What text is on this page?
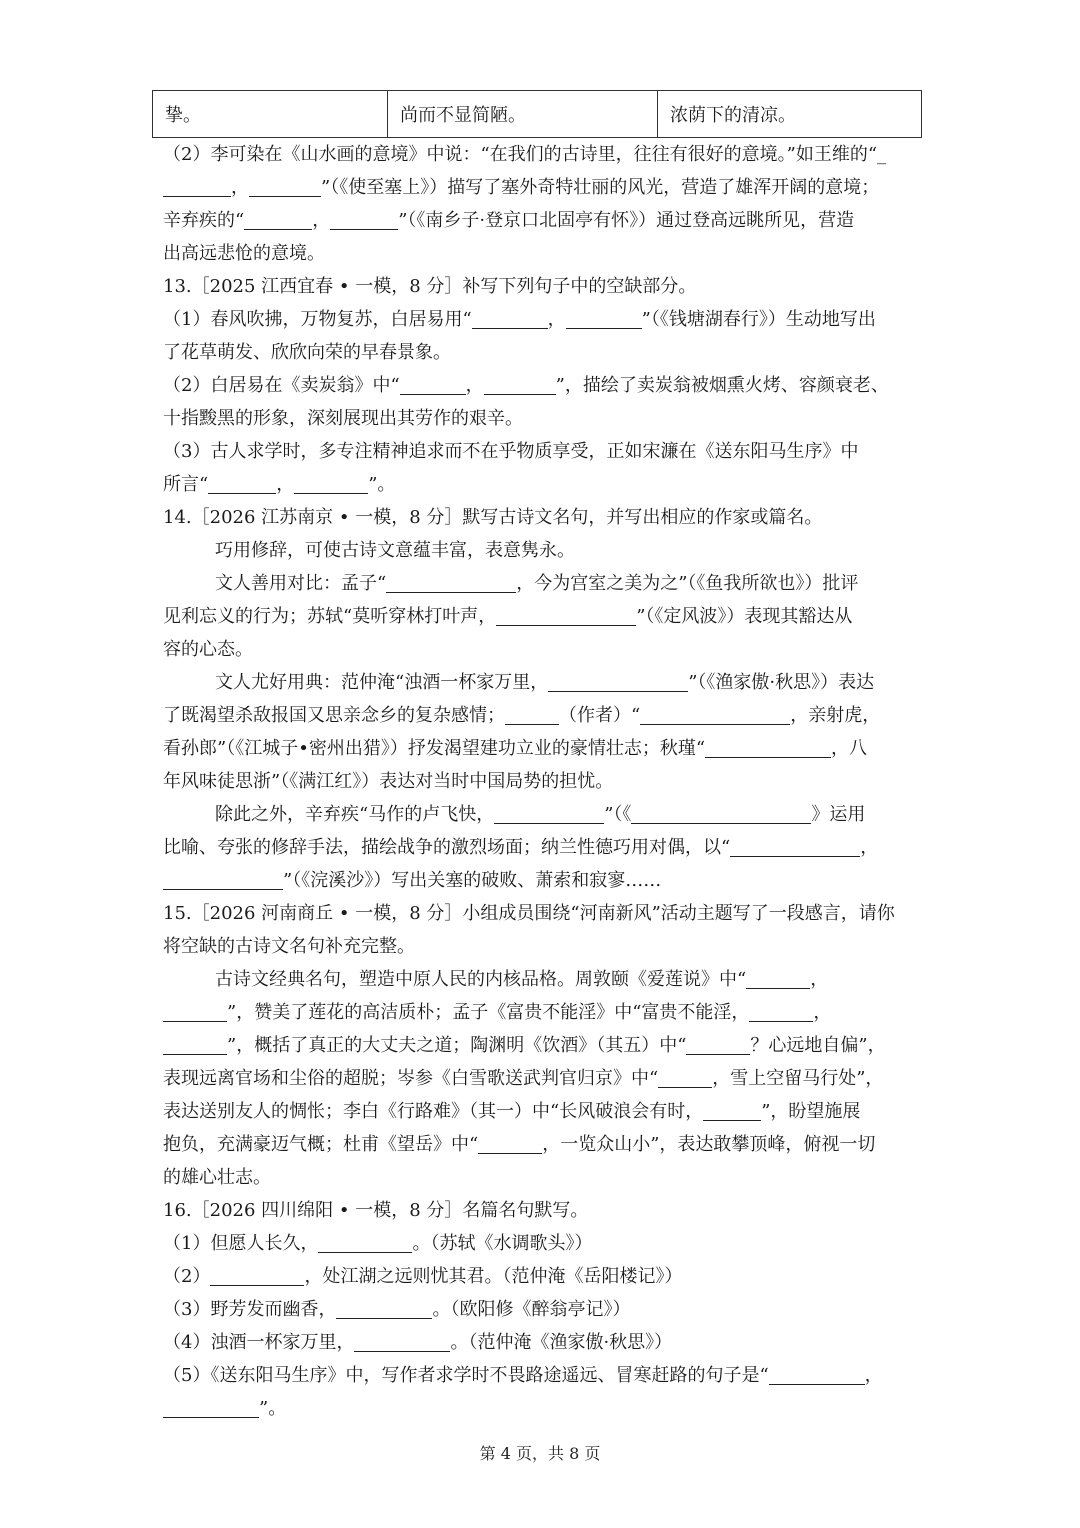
挚。	尚而不显简陋。	浓荫下的清凉。
（2）李可染在《山水画的意境》中说：“在我们的古诗里，往往有很好的意境。”如王维的“_
，	”（《使至塞上》）描写了塞外奇特壮丽的风光，营造了雄浑开阔的意境；
辛弃疾的“	，	”（《南乡子·登京口北固亭有怀》）通过登高远眺所见，营造
出高远悲怆的意境。
13.［2025 江西宜春 • 一模，8 分］补写下列句子中的空缺部分。
（1）春风吹拂，万物复苏，白居易用“	，	”（《钱塘湖春行》）生动地写出
了花草萌发、欣欣向荣的早春景象。
（2）白居易在《卖炭翁》中“	，	”，描绘了卖炭翁被烟熏火烤、容颜衰老、
十指黢黑的形象，深刻展现出其劳作的艰辛。
（3）古人求学时，多专注精神追求而不在乎物质享受，正如宋濂在《送东阳马生序》中
所言“	，	”。
14.［2026 江苏南京 • 一模，8 分］默写古诗文名句，并写出相应的作家或篇名。
巧用修辞，可使古诗文意蕴丰富，表意隽永。
文人善用对比：孟子“	，今为宫室之美为之”（《鱼我所欲也》）批评
见利忘义的行为；苏轼“莫听穿林打叶声，	”（《定风波》）表现其豁达从
容的心态。
文人尤好用典：范仲淹“浊酒一杯家万里，	”（《渔家傲·秋思》）表达
了既渴望杀敌报国又思亲念乡的复杂感情；	（作者）“	，亲射虎，
看孙郎”（《江城子•密州出猎》）抒发渴望建功立业的豪情壮志；秋瑾“	，八
年风味徒思浙”（《满江红》）表达对当时中国局势的担忧。
除此之外，辛弃疾“马作的卢飞快，	”（《	》运用
比喻、夸张的修辞手法，描绘战争的激烈场面；纳兰性德巧用对偶，以“	，
”（《浣溪沙》）写出关塞的破败、萧索和寂寥……
15.［2026 河南商丘 • 一模，8 分］小组成员围绕“河南新风”活动主题写了一段感言，请你
将空缺的古诗文名句补充完整。
古诗文经典名句，塑造中原人民的内核品格。周敦颐《爱莲说》中“	，
”，赞美了莲花的高洁质朴；孟子《富贵不能淫》中“富贵不能淫，	，
”，概括了真正的大丈夫之道；陶渊明《饮酒》（其五）中“	？心远地自偏”，
表现远离官场和尘俗的超脱；岑参《白雪歌送武判官归京》中“	，雪上空留马行处”，
表达送别友人的惆怅；李白《行路难》（其一）中“长风破浪会有时，	”，盼望施展
抱负，充满豪迈气概；杜甫《望岳》中“	，一览众山小”，表达敢攀顶峰，俯视一切
的雄心壮志。
16.［2026 四川绵阳 • 一模，8 分］名篇名句默写。
（1）但愿人长久，	。（苏轼《水调歌头》）
（2）	，处江湖之远则忧其君。（范仲淹《岳阳楼记》）
（3）野芳发而幽香，	。（欧阳修《醉翁亭记》）
（4）浊酒一杯家万里，	。（范仲淹《渔家傲·秋思》）
（5）《送东阳马生序》中，写作者求学时不畏路途遥远、冒寒赶路的句子是“	，
”。
第 4 页，共 8 页
